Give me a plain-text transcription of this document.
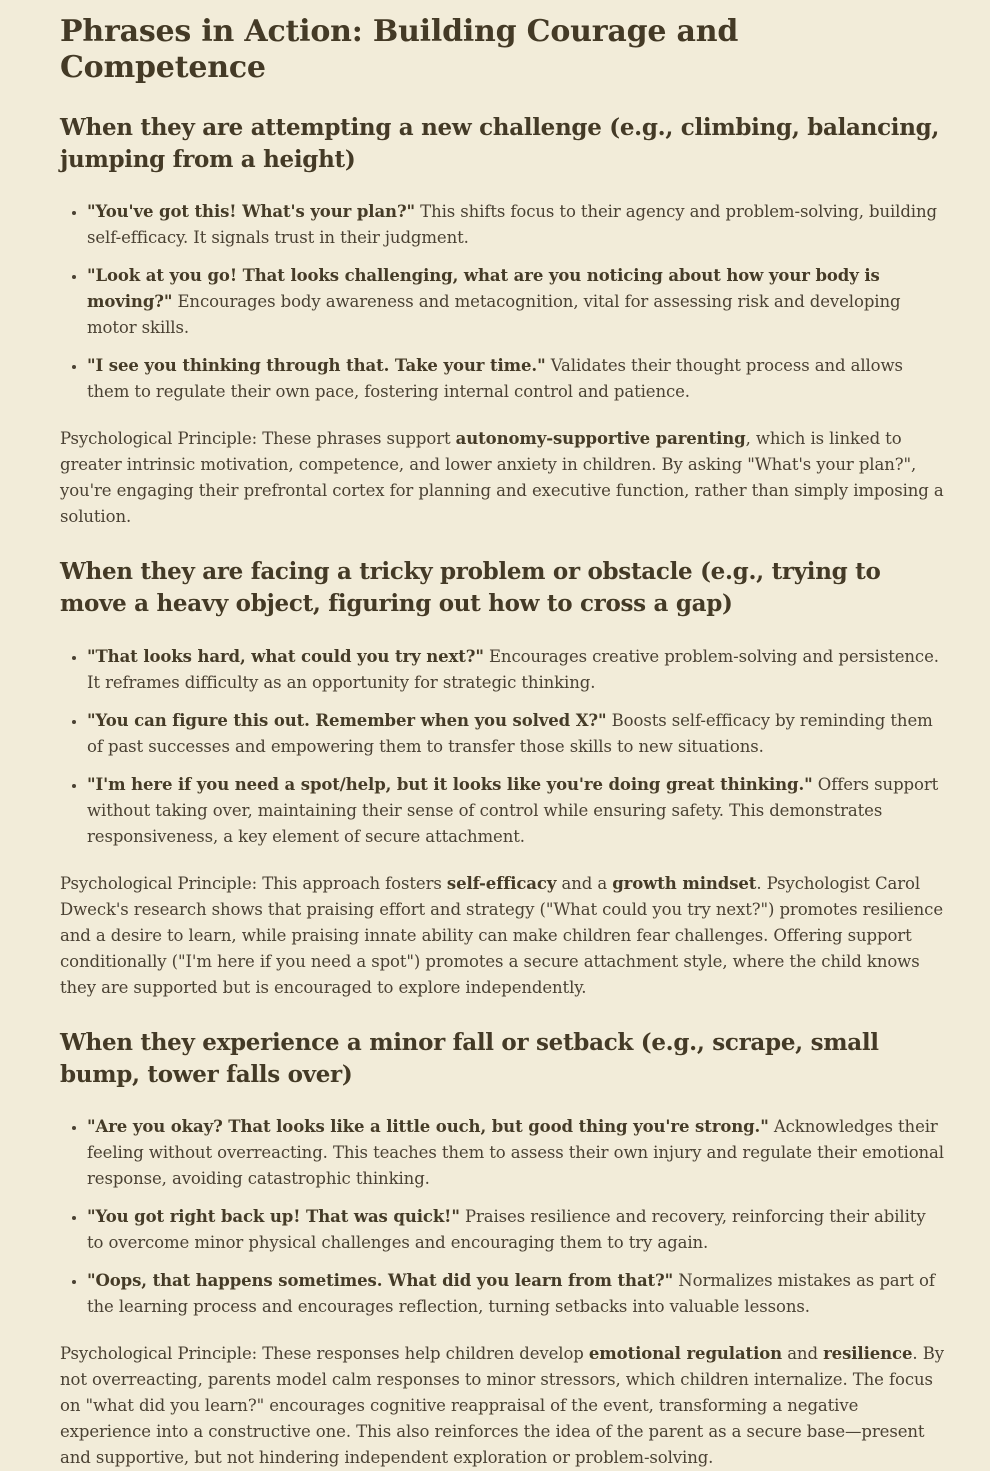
Phrases in Action: Building Courage and Competence
When they are attempting a new challenge (e.g., climbing, balancing, jumping from a height)
• "You've got this! What's your plan?" This shifts focus to their agency and problem-solving, building self-efficacy. It signals trust in their judgment.
• "Look at you go! That looks challenging, what are you noticing about how your body is moving?" Encourages body awareness and metacognition, vital for assessing risk and developing motor skills.
• "I see you thinking through that. Take your time." Validates their thought process and allows them to regulate their own pace, fostering internal control and patience.

Psychological Principle: These phrases support autonomy-supportive parenting, which is linked to greater intrinsic motivation, competence, and lower anxiety in children. By asking "What's your plan?", you're engaging their prefrontal cortex for planning and executive function, rather than simply imposing a solution.

When they are facing a tricky problem or obstacle (e.g., trying to move a heavy object, figuring out how to cross a gap)
• "That looks hard, what could you try next?" Encourages creative problem-solving and persistence. It reframes difficulty as an opportunity for strategic thinking.
• "You can figure this out. Remember when you solved X?" Boosts self-efficacy by reminding them of past successes and empowering them to transfer those skills to new situations.
• "I'm here if you need a spot/help, but it looks like you're doing great thinking." Offers support without taking over, maintaining their sense of control while ensuring safety. This demonstrates responsiveness, a key element of secure attachment.

Psychological Principle: This approach fosters self-efficacy and a growth mindset. Psychologist Carol Dweck's research shows that praising effort and strategy ("What could you try next?") promotes resilience and a desire to learn, while praising innate ability can make children fear challenges. Offering support conditionally ("I'm here if you need a spot") promotes a secure attachment style, where the child knows they are supported but is encouraged to explore independently.

When they experience a minor fall or setback (e.g., scrape, small bump, tower falls over)
• "Are you okay? That looks like a little ouch, but good thing you're strong." Acknowledges their feeling without overreacting. This teaches them to assess their own injury and regulate their emotional response, avoiding catastrophic thinking.
• "You got right back up! That was quick!" Praises resilience and recovery, reinforcing their ability to overcome minor physical challenges and encouraging them to try again.
• "Oops, that happens sometimes. What did you learn from that?" Normalizes mistakes as part of the learning process and encourages reflection, turning setbacks into valuable lessons.

Psychological Principle: These responses help children develop emotional regulation and resilience. By not overreacting, parents model calm responses to minor stressors, which children internalize. The focus on "what did you learn?" encourages cognitive reappraisal of the event, transforming a negative experience into a constructive one. This also reinforces the idea of the parent as a secure base—present and supportive, but not hindering independent exploration or problem-solving.
